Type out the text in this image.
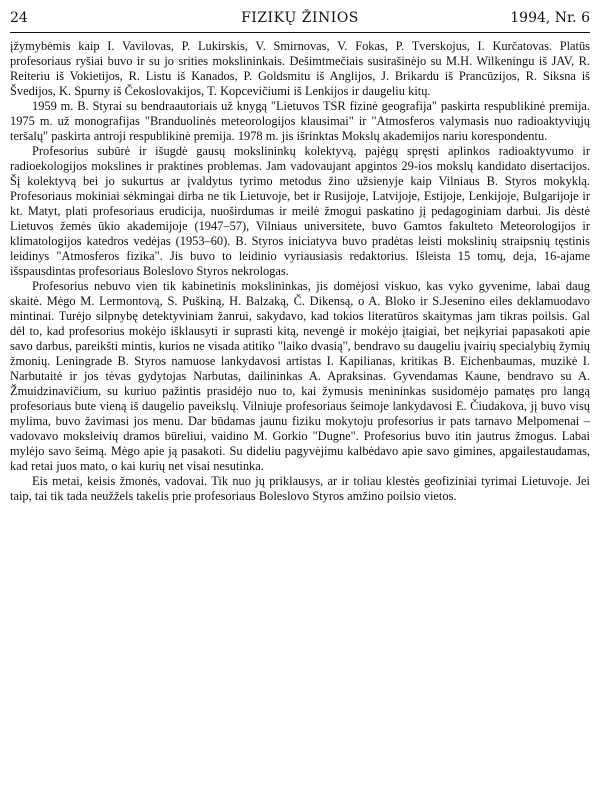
24	FIZIKŲ ŽINIOS	1994, Nr. 6

įžymybėmis kaip I. Vavilovas, P. Lukirskis, V. Smirnovas, V. Fokas, P. Tverskojus, I. Kurčatovas. Platūs profesoriaus ryšiai buvo ir su jo srities mokslininkais. Dešimtmečiais susirašinėjo su M.H. Wilkeningu iš JAV, R. Reiteriu iš Vokietijos, R. Listu iš Kanados, P. Goldsmitu iš Anglijos, J. Brikardu iš Prancūzijos, R. Siksna iš Švedijos, K. Spurny iš Čekoslovakijos, T. Kopcevičiumi iš Lenkijos ir daugeliu kitų.

1959 m. B. Styrai su bendraautoriais už knygą "Lietuvos TSR fizinė geografija" paskirta respublikinė premija. 1975 m. už monografijas "Branduolinės meteorologijos klausimai" ir "Atmosferos valymasis nuo radioaktyviųjų teršalų" paskirta antroji respublikinė premija. 1978 m. jis išrinktas Mokslų akademijos nariu korespondentu.

Profesorius subūrė ir išugdė gausų mokslininkų kolektyvą, pajėgų spręsti aplinkos radioaktyvumo ir radioekologijos mokslines ir praktines problemas. Jam vadovaujant apgintos 29-ios mokslų kandidato disertacijos. Šį kolektyvą bei jo sukurtus ar įvaldytus tyrimo metodus žino užsienyje kaip Vilniaus B. Styros mokyklą. Profesoriaus mokiniai sėkmingai dirba ne tik Lietuvoje, bet ir Rusijoje, Latvijoje, Estijoje, Lenkijoje, Bulgarijoje ir kt. Matyt, plati profesoriaus erudicija, nuoširdumas ir meilė žmogui paskatino jį pedagoginiam darbui. Jis dėstė Lietuvos žemės ūkio akademijoje (1947–57), Vilniaus universitete, buvo Gamtos fakulteto Meteorologijos ir klimatologijos katedros vedėjas (1953–60). B. Styros iniciatyva buvo pradėtas leisti mokslinių straipsnių tęstinis leidinys "Atmosferos fizika". Jis buvo to leidinio vyriausiasis redaktorius. Išleista 15 tomų, deja, 16-ajame išspausdintas profesoriaus Boleslovo Styros nekrologas.

Profesorius nebuvo vien tik kabinetinis mokslininkas, jis domėjosi viskuo, kas vyko gyvenime, labai daug skaitė. Mėgo M. Lermontovą, S. Puškiną, H. Balzaką, Č. Dikensą, o A. Bloko ir S.Jesenino eiles deklamuodavo mintinai. Turėjo silpnybę detektyviniam žanrui, sakydavo, kad tokios literatūros skaitymas jam tikras poilsis. Gal dėl to, kad profesorius mokėjo išklausyti ir suprasti kitą, nevengė ir mokėjo įtaigiai, bet neįkyriai papasakoti apie savo darbus, pareikšti mintis, kurios ne visada atitiko "laiko dvasią", bendravo su daugeliu įvairių specialybių žymių žmonių. Leningrade B. Styros namuose lankydavosi artistas I. Kapilianas, kritikas B. Eichenbaumas, muzikė I. Narbutaitė ir jos tėvas gydytojas Narbutas, dailininkas A. Apraksinas. Gyvendamas Kaune, bendravo su A. Žmuidzinavičium, su kuriuo pažintis prasidėjo nuo to, kai žymusis menininkas susidomėjo pamatęs pro langą profesoriaus bute vieną iš daugelio paveikslų. Vilniuje profesoriaus šeimoje lankydavosi E. Čiudakova, jį buvo visų mylima, buvo žavimasi jos menu. Dar būdamas jaunu fiziku mokytoju profesorius ir pats tarnavo Melpomenai – vadovavo moksleivių dramos būreliui, vaidino M. Gorkio "Dugne". Profesorius buvo itin jautrus žmogus. Labai mylėjo savo šeimą. Mėgo apie ją pasakoti. Su dideliu pagyvėjimu kalbėdavo apie savo gimines, apgailestaudamas, kad retai juos mato, o kai kurių net visai nesutinka.

Eis metai, keisis žmonės, vadovai. Tik nuo jų priklausys, ar ir toliau klestės geofiziniai tyrimai Lietuvoje. Jei taip, tai tik tada neužžels takelis prie profesoriaus Boleslovo Styros amžino poilsio vietos.
